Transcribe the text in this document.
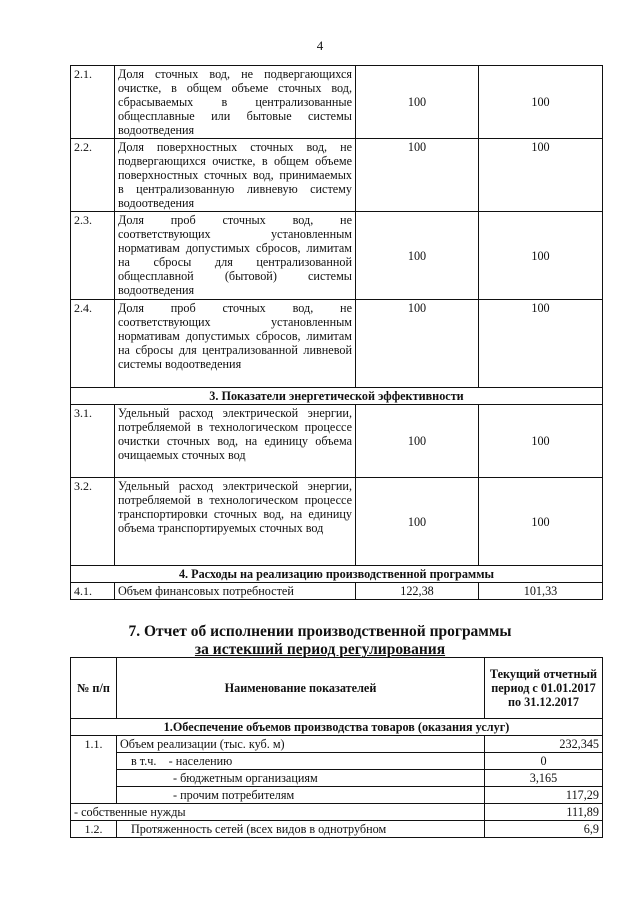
4
2.1.	Доля сточных вод, не подвергающихся очистке, в общем объеме сточных вод, сбрасываемых в централизованные общесплавные или бытовые системы водоотведения	100	100
2.2.	Доля поверхностных сточных вод, не подвергающихся очистке, в общем объеме поверхностных сточных вод, принимаемых в централизованную ливневую систему водоотведения	100	100
2.3.	Доля проб сточных вод, не соответствующих установленным нормативам допустимых сбросов, лимитам на сбросы для централизованной общесплавной (бытовой) системы водоотведения	100	100
2.4.	Доля проб сточных вод, не соответствующих установленным нормативам допустимых сбросов, лимитам на сбросы для централизованной ливневой системы водоотведения	100	100
3. Показатели энергетической эффективности			
3.1.	Удельный расход электрической энергии, потребляемой в технологическом процессе очистки сточных вод, на единицу объема очищаемых сточных вод	100	100
3.2.	Удельный расход электрической энергии, потребляемой в технологическом процессе транспортировки сточных вод, на единицу объема транспортируемых сточных вод	100	100
4. Расходы на реализацию производственной программы			
4.1.	Объем финансовых потребностей	122,38	101,33
7. Отчет об исполнении производственной программы
за истекший период регулирования
№ п/п	Наименование показателей	Текущий отчетный период с 01.01.2017 по 31.12.2017
1.Обеспечение объемов производства товаров (оказания услуг)		
1.1.	Объем реализации (тыс. куб. м)	232,345
	в т.ч.    - населению	0
	- бюджетным организациям	3,165
	- прочим потребителям	117,29
- собственные нужды		111,89
1.2.	Протяженность сетей (всех видов в однотрубном	6,9
